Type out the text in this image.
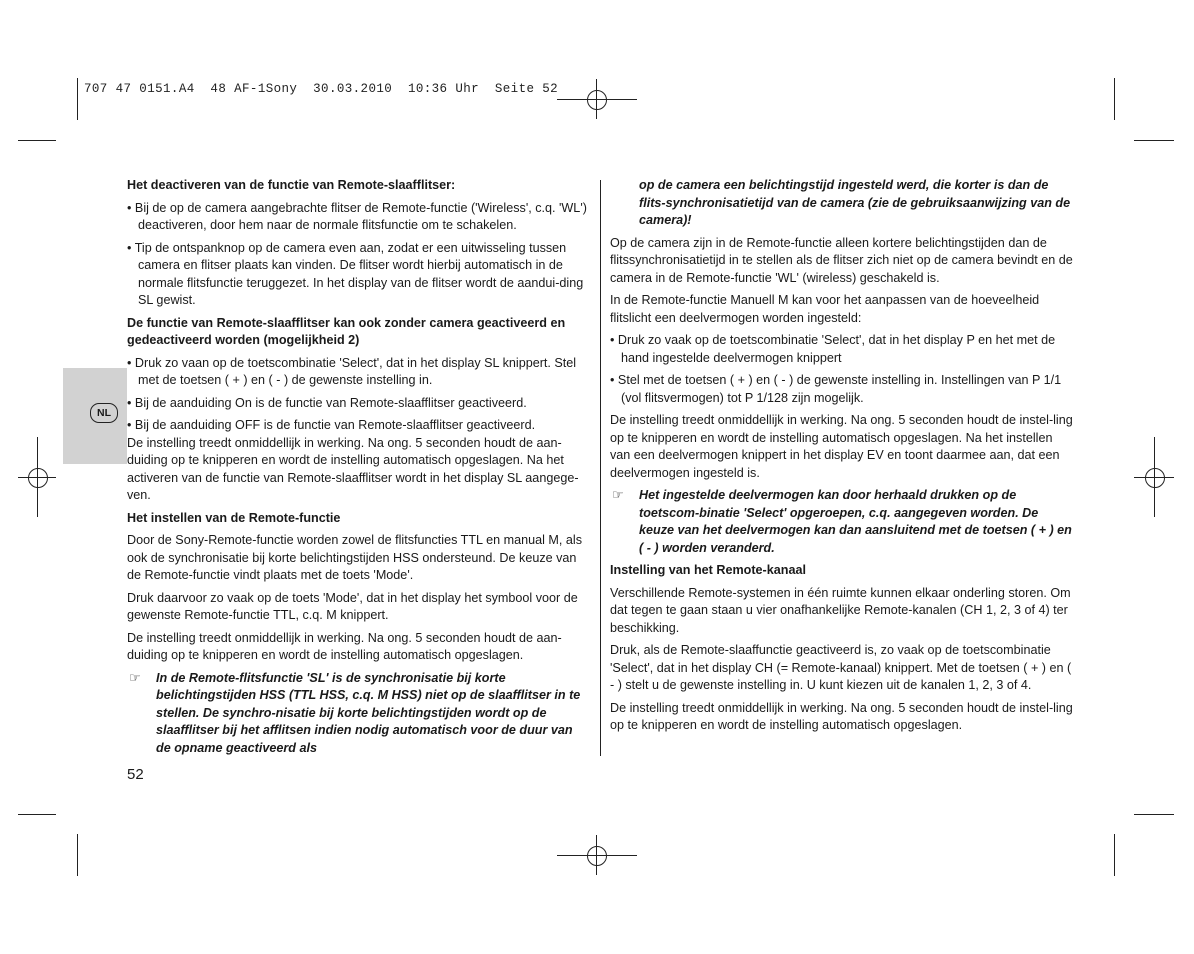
707 47 0151.A4  48 AF-1Sony  30.03.2010  10:36 Uhr  Seite 52
NL

Het deactiveren van de functie van Remote-slaafflitser:

• Bij de op de camera aangebrachte flitser de Remote-functie ('Wireless', c.q. 'WL') deactiveren, door hem naar de normale flitsfunctie om te schakelen.

• Tip de ontspanknop op de camera even aan, zodat er een uitwisseling tussen camera en flitser plaats kan vinden. De flitser wordt hierbij automatisch in de normale flitsfunctie teruggezet. In het display van de flitser wordt de aandui-ding SL gewist.

De functie van Remote-slaafflitser kan ook zonder camera geactiveerd en gedeactiveerd worden (mogelijkheid 2)

• Druk zo vaan op de toetscombinatie 'Select', dat in het display SL knippert. Stel met de toetsen ( + ) en ( - ) de gewenste instelling in.

• Bij de aanduiding On is de functie van Remote-slaafflitser geactiveerd.

• Bij de aanduiding OFF is de functie van Remote-slaafflitser geactiveerd.

De instelling treedt onmiddellijk in werking. Na ong. 5 seconden houdt de aan-duiding op te knipperen en wordt de instelling automatisch opgeslagen. Na het activeren van de functie van Remote-slaafflitser wordt in het display SL aangege-ven.

Het instellen van de Remote-functie

Door de Sony-Remote-functie worden zowel de flitsfuncties TTL en manual M, als ook de synchronisatie bij korte belichtingstijden HSS ondersteund. De keuze van de Remote-functie vindt plaats met de toets 'Mode'.

Druk daarvoor zo vaak op de toets 'Mode', dat in het display het symbool voor de gewenste Remote-functie TTL, c.q. M knippert.

De instelling treedt onmiddellijk in werking. Na ong. 5 seconden houdt de aan-duiding op te knipperen en wordt de instelling automatisch opgeslagen.

☞ In de Remote-flitsfunctie 'SL' is de synchronisatie bij korte belichtingstijden HSS (TTL HSS, c.q. M HSS) niet op de slaafflitser in te stellen. De synchro-nisatie bij korte belichtingstijden wordt op de slaafflitser bij het afflitsen indien nodig automatisch voor de duur van de opname geactiveerd als

op de camera een belichtingstijd ingesteld werd, die korter is dan de flits-synchronisatietijd van de camera (zie de gebruiksaanwijzing van de camera)!

Op de camera zijn in de Remote-functie alleen kortere belichtingstijden dan de flitssynchronisatietijd in te stellen als de flitser zich niet op de camera bevindt en de camera in de Remote-functie 'WL' (wireless) geschakeld is.

In de Remote-functie Manuell M kan voor het aanpassen van de hoeveelheid flitslicht een deelvermogen worden ingesteld:

• Druk zo vaak op de toetscombinatie 'Select', dat in het display P en het met de hand ingestelde deelvermogen knippert

• Stel met de toetsen ( + ) en ( - ) de gewenste instelling in. Instellingen van P 1/1 (vol flitsvermogen) tot P 1/128 zijn mogelijk.

De instelling treedt onmiddellijk in werking. Na ong. 5 seconden houdt de instel-ling op te knipperen en wordt de instelling automatisch opgeslagen. Na het instellen van een deelvermogen knippert in het display EV en toont daarmee aan, dat een deelvermogen ingesteld is.

☞ Het ingestelde deelvermogen kan door herhaald drukken op de toetscom-binatie 'Select' opgeroepen, c.q. aangegeven worden. De keuze van het deelvermogen kan dan aansluitend met de toetsen ( + ) en ( - ) worden veranderd.

Instelling van het Remote-kanaal

Verschillende Remote-systemen in één ruimte kunnen elkaar onderling storen. Om dat tegen te gaan staan u vier onafhankelijke Remote-kanalen (CH 1, 2, 3 of 4) ter beschikking.

Druk, als de Remote-slaaffunctie geactiveerd is, zo vaak op de toetscombinatie 'Select', dat in het display CH (= Remote-kanaal) knippert. Met de toetsen ( + ) en ( - ) stelt u de gewenste instelling in. U kunt kiezen uit de kanalen 1, 2, 3 of 4.

De instelling treedt onmiddellijk in werking. Na ong. 5 seconden houdt de instel-ling op te knipperen en wordt de instelling automatisch opgeslagen.

52
